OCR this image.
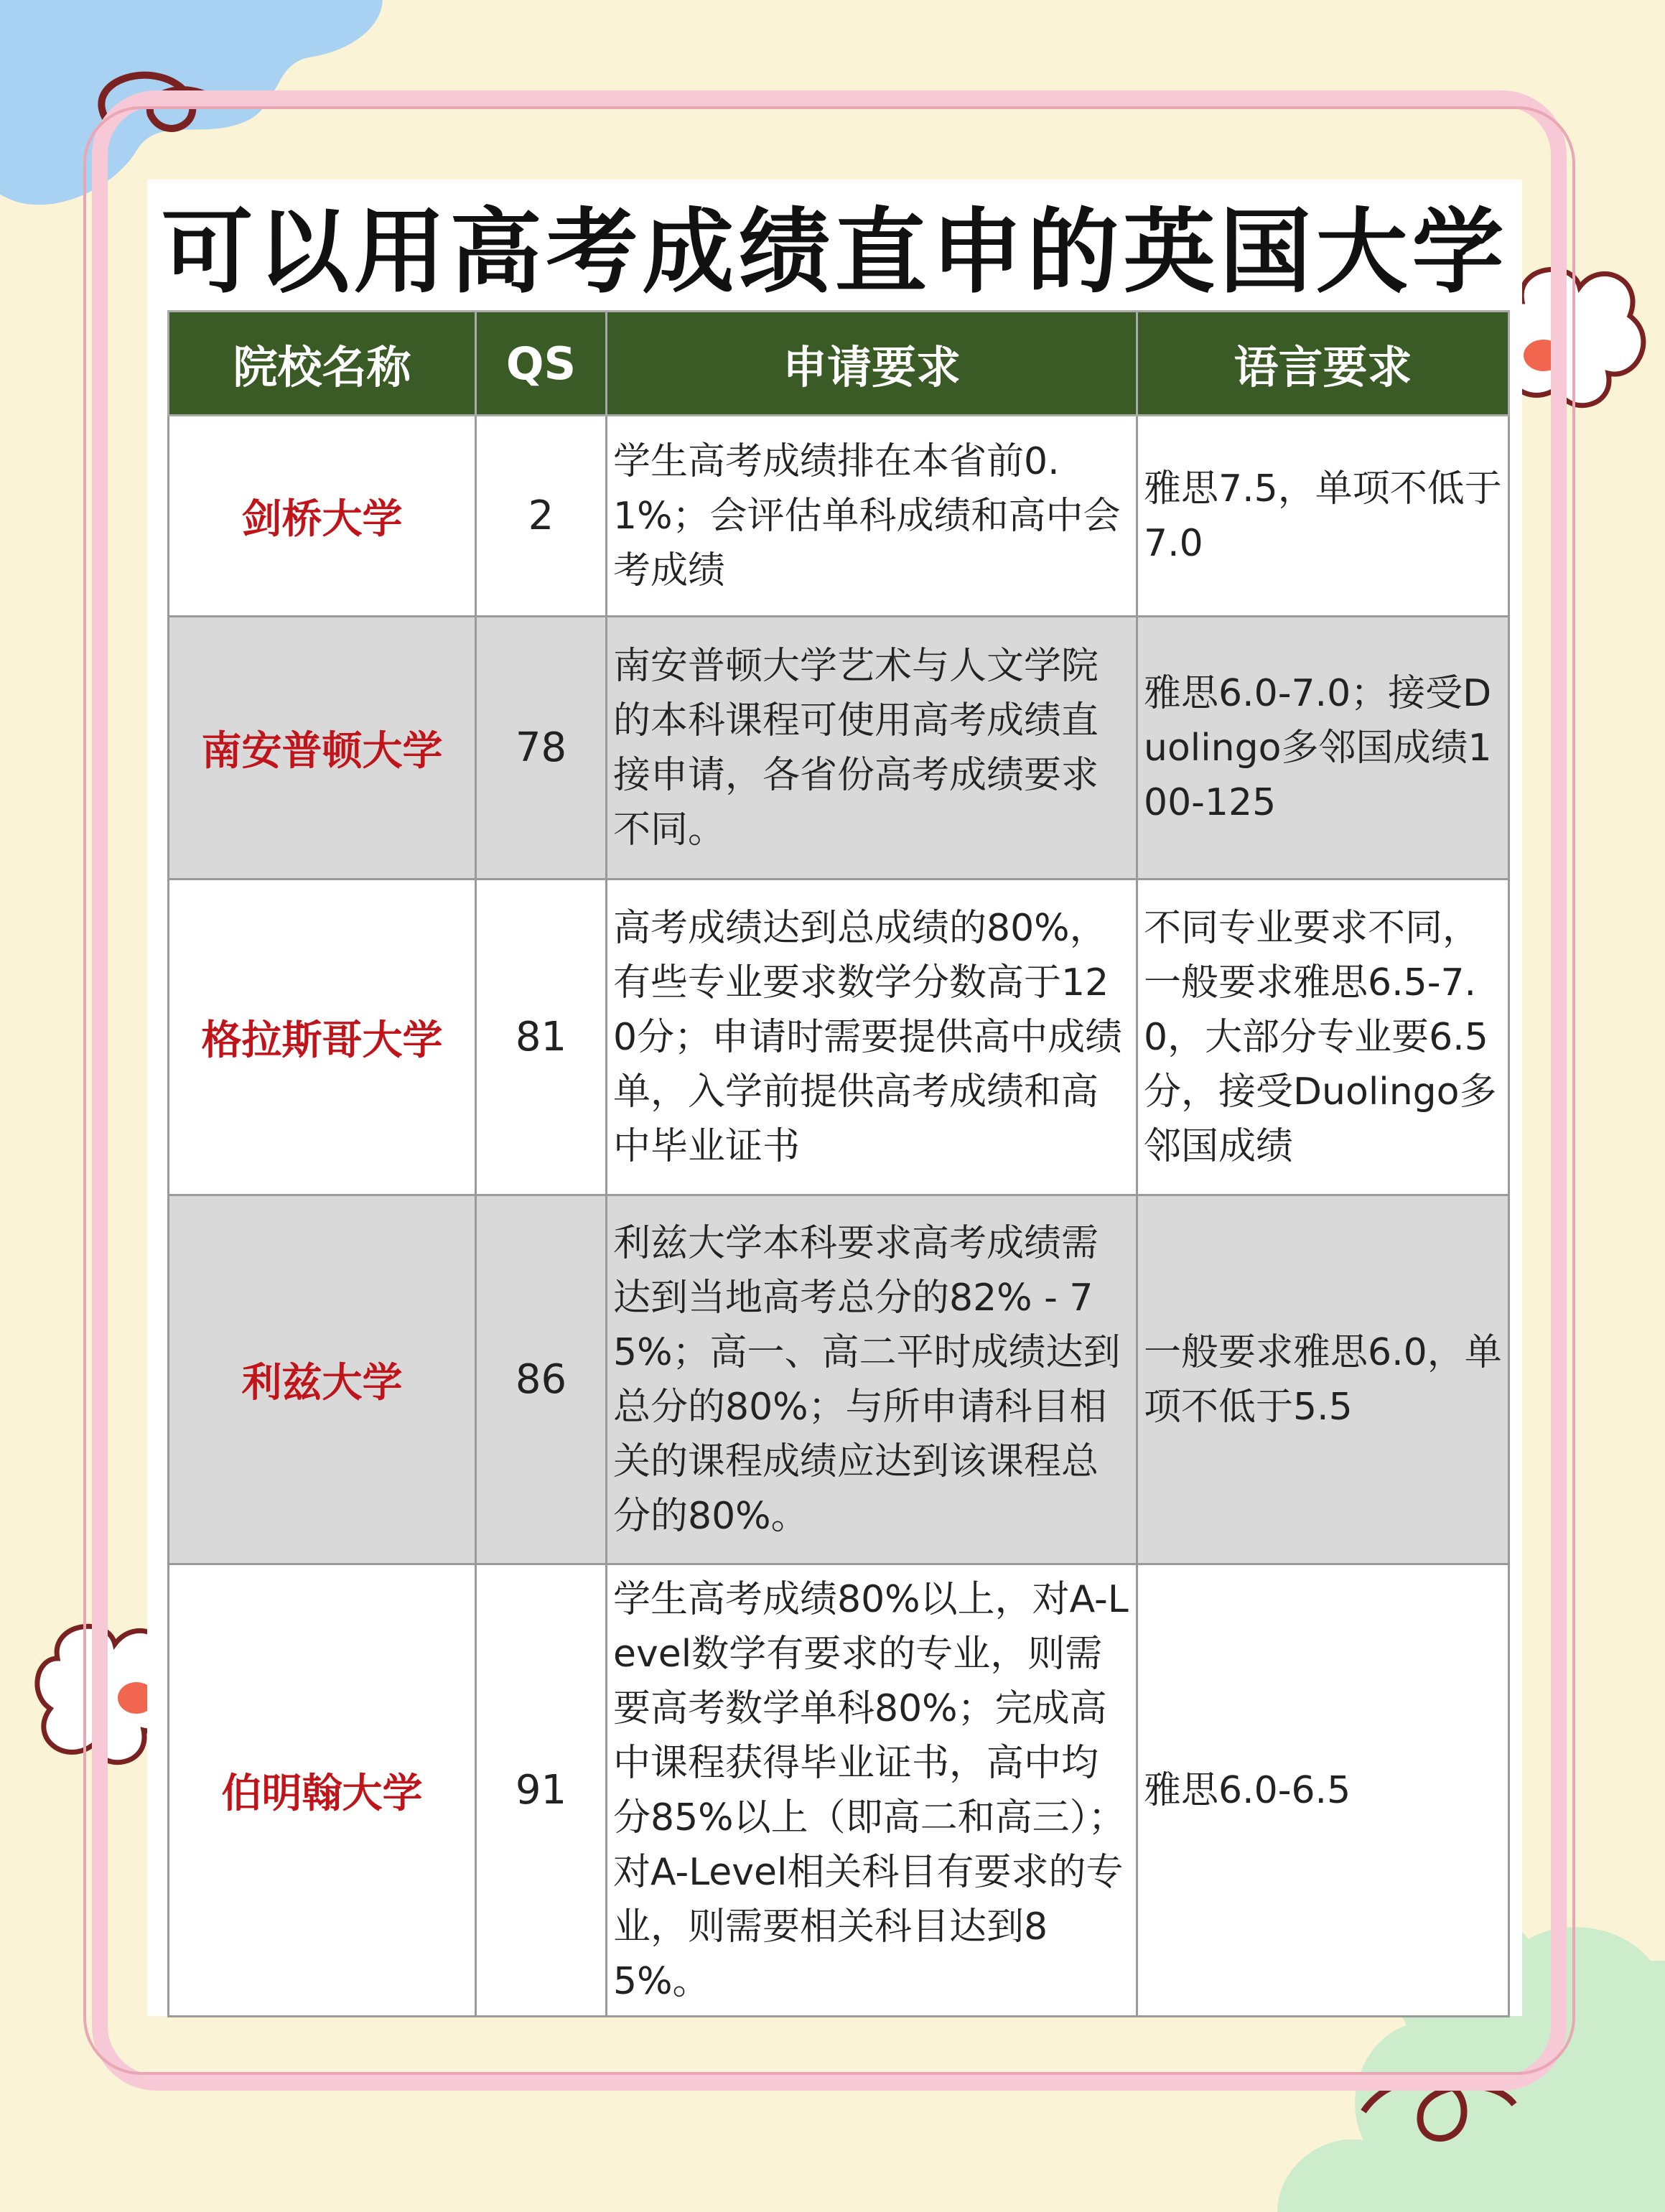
可以用高考成绩直申的英国大学
院校名称	QS	申请要求	语言要求
剑桥大学	2	学生高考成绩排在本省前0.1%；会评估单科成绩和高中会考成绩	雅思7.5，单项不低于7.0
南安普顿大学	78	南安普顿大学艺术与人文学院的本科课程可使用高考成绩直接申请，各省份高考成绩要求不同。	雅思6.0-7.0；接受Duolingo多邻国成绩100-125
格拉斯哥大学	81	高考成绩达到总成绩的80%，有些专业要求数学分数高于120分；申请时需要提供高中成绩单，入学前提供高考成绩和高中毕业证书	不同专业要求不同，一般要求雅思6.5-7.0，大部分专业要6.5分，接受Duolingo多邻国成绩
利兹大学	86	利兹大学本科要求高考成绩需达到当地高考总分的82% - 75%；高一、高二平时成绩达到总分的80%；与所申请科目相关的课程成绩应达到该课程总分的80%。	一般要求雅思6.0，单项不低于5.5
伯明翰大学	91	学生高考成绩80%以上，对A-Level数学有要求的专业，则需要高考数学单科80%；完成高中课程获得毕业证书，高中均分85%以上（即高二和高三）；对A-Level相关科目有要求的专业，则需要相关科目达到85%。	雅思6.0-6.5
